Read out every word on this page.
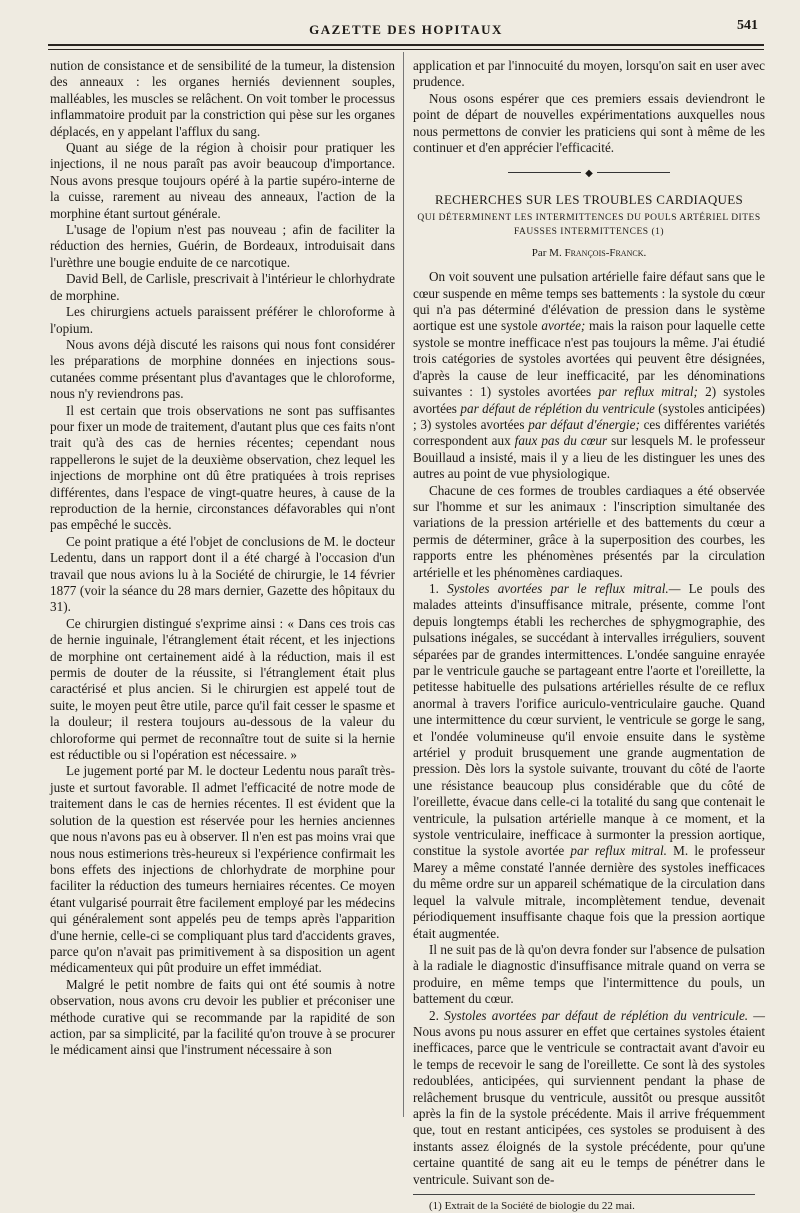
GAZETTE DES HOPITAUX	541

nution de consistance et de sensibilité de la tumeur, la distension des anneaux : les organes herniés deviennent souples, malléables, les muscles se relâchent. On voit tomber le processus inflammatoire produit par la constriction qui pèse sur les organes déplacés, en y appelant l'afflux du sang.

Quant au siége de la région à choisir pour pratiquer les injections, il ne nous paraît pas avoir beaucoup d'importance. Nous avons presque toujours opéré à la partie supéro-interne de la cuisse, rarement au niveau des anneaux, l'action de la morphine étant surtout générale.

L'usage de l'opium n'est pas nouveau ; afin de faciliter la réduction des hernies, Guérin, de Bordeaux, introduisait dans l'urèthre une bougie enduite de ce narcotique.

David Bell, de Carlisle, prescrivait à l'intérieur le chlorhydrate de morphine.

Les chirurgiens actuels paraissent préférer le chloroforme à l'opium.

Nous avons déjà discuté les raisons qui nous font considérer les préparations de morphine données en injections sous-cutanées comme présentant plus d'avantages que le chloroforme, nous n'y reviendrons pas.

Il est certain que trois observations ne sont pas suffisantes pour fixer un mode de traitement, d'autant plus que ces faits n'ont trait qu'à des cas de hernies récentes; cependant nous rappellerons le sujet de la deuxième observation, chez lequel les injections de morphine ont dû être pratiquées à trois reprises différentes, dans l'espace de vingt-quatre heures, à cause de la reproduction de la hernie, circonstances défavorables qui n'ont pas empêché le succès.

Ce point pratique a été l'objet de conclusions de M. le docteur Ledentu, dans un rapport dont il a été chargé à l'occasion d'un travail que nous avions lu à la Société de chirurgie, le 14 février 1877 (voir la séance du 28 mars dernier, Gazette des hôpitaux du 31).

Ce chirurgien distingué s'exprime ainsi : « Dans ces trois cas de hernie inguinale, l'étranglement était récent, et les injections de morphine ont certainement aidé à la réduction, mais il est permis de douter de la réussite, si l'étranglement était plus caractérisé et plus ancien. Si le chirurgien est appelé tout de suite, le moyen peut être utile, parce qu'il fait cesser le spasme et la douleur; il restera toujours au-dessous de la valeur du chloroforme qui permet de reconnaître tout de suite si la hernie est réductible ou si l'opération est nécessaire. »

Le jugement porté par M. le docteur Ledentu nous paraît très-juste et surtout favorable. Il admet l'efficacité de notre mode de traitement dans le cas de hernies récentes. Il est évident que la solution de la question est réservée pour les hernies anciennes que nous n'avons pas eu à observer. Il n'en est pas moins vrai que nous nous estimerions très-heureux si l'expérience confirmait les bons effets des injections de chlorhydrate de morphine pour faciliter la réduction des tumeurs herniaires récentes. Ce moyen étant vulgarisé pourrait être facilement employé par les médecins qui généralement sont appelés peu de temps après l'apparition d'une hernie, celle-ci se compliquant plus tard d'accidents graves, parce qu'on n'avait pas primitivement à sa disposition un agent médicamenteux qui pût produire un effet immédiat.

Malgré le petit nombre de faits qui ont été soumis à notre observation, nous avons cru devoir les publier et préconiser une méthode curative qui se recommande par la rapidité de son action, par sa simplicité, par la facilité qu'on trouve à se procurer le médicament ainsi que l'instrument nécessaire à son

application et par l'innocuité du moyen, lorsqu'on sait en user avec prudence.

Nous osons espérer que ces premiers essais deviendront le point de départ de nouvelles expérimentations auxquelles nous nous permettons de convier les praticiens qui sont à même de les continuer et d'en apprécier l'efficacité.

◆
RECHERCHES SUR LES TROUBLES CARDIAQUES
QUI DÉTERMINENT LES INTERMITTENCES DU POULS ARTÉRIEL DITES
FAUSSES INTERMITTENCES (1)
Par M. François-Franck.

On voit souvent une pulsation artérielle faire défaut sans que le cœur suspende en même temps ses battements : la systole du cœur qui n'a pas déterminé d'élévation de pression dans le système aortique est une systole avortée; mais la raison pour laquelle cette systole se montre inefficace n'est pas toujours la même. J'ai étudié trois catégories de systoles avortées qui peuvent être désignées, d'après la cause de leur inefficacité, par les dénominations suivantes : 1) systoles avortées par reflux mitral; 2) systoles avortées par défaut de réplétion du ventricule (systoles anticipées) ; 3) systoles avortées par défaut d'énergie; ces différentes variétés correspondent aux faux pas du cœur sur lesquels M. le professeur Bouillaud a insisté, mais il y a lieu de les distinguer les unes des autres au point de vue physiologique.

Chacune de ces formes de troubles cardiaques a été observée sur l'homme et sur les animaux : l'inscription simultanée des variations de la pression artérielle et des battements du cœur a permis de déterminer, grâce à la superposition des courbes, les rapports entre les phénomènes présentés par la circulation artérielle et les phénomènes cardiaques.

1. Systoles avortées par le reflux mitral.— Le pouls des malades atteints d'insuffisance mitrale, présente, comme l'ont depuis longtemps établi les recherches de sphygmographie, des pulsations inégales, se succédant à intervalles irréguliers, souvent séparées par de grandes intermittences. L'ondée sanguine enrayée par le ventricule gauche se partageant entre l'aorte et l'oreillette, la petitesse habituelle des pulsations artérielles résulte de ce reflux anormal à travers l'orifice auriculo-ventriculaire gauche. Quand une intermittence du cœur survient, le ventricule se gorge le sang, et l'ondée volumineuse qu'il envoie ensuite dans le système artériel y produit brusquement une grande augmentation de pression. Dès lors la systole suivante, trouvant du côté de l'aorte une résistance beaucoup plus considérable que du côté de l'oreillette, évacue dans celle-ci la totalité du sang que contenait le ventricule, la pulsation artérielle manque à ce moment, et la systole ventriculaire, inefficace à surmonter la pression aortique, constitue la systole avortée par reflux mitral. M. le professeur Marey a même constaté l'année dernière des systoles inefficaces du même ordre sur un appareil schématique de la circulation dans lequel la valvule mitrale, incomplètement tendue, devenait périodiquement insuffisante chaque fois que la pression aortique était augmentée.

Il ne suit pas de là qu'on devra fonder sur l'absence de pulsation à la radiale le diagnostic d'insuffisance mitrale quand on verra se produire, en même temps que l'intermittence du pouls, un battement du cœur.

2. Systoles avortées par défaut de réplétion du ventricule. — Nous avons pu nous assurer en effet que certaines systoles étaient inefficaces, parce que le ventricule se contractait avant d'avoir eu le temps de recevoir le sang de l'oreillette. Ce sont là des systoles redoublées, anticipées, qui surviennent pendant la phase de relâchement brusque du ventricule, aussitôt ou presque aussitôt après la fin de la systole précédente. Mais il arrive fréquemment que, tout en restant anticipées, ces systoles se produisent à des instants assez éloignés de la systole précédente, pour qu'une certaine quantité de sang ait eu le temps de pénétrer dans le ventricule. Suivant son de-

(1) Extrait de la Société de biologie du 22 mai.
